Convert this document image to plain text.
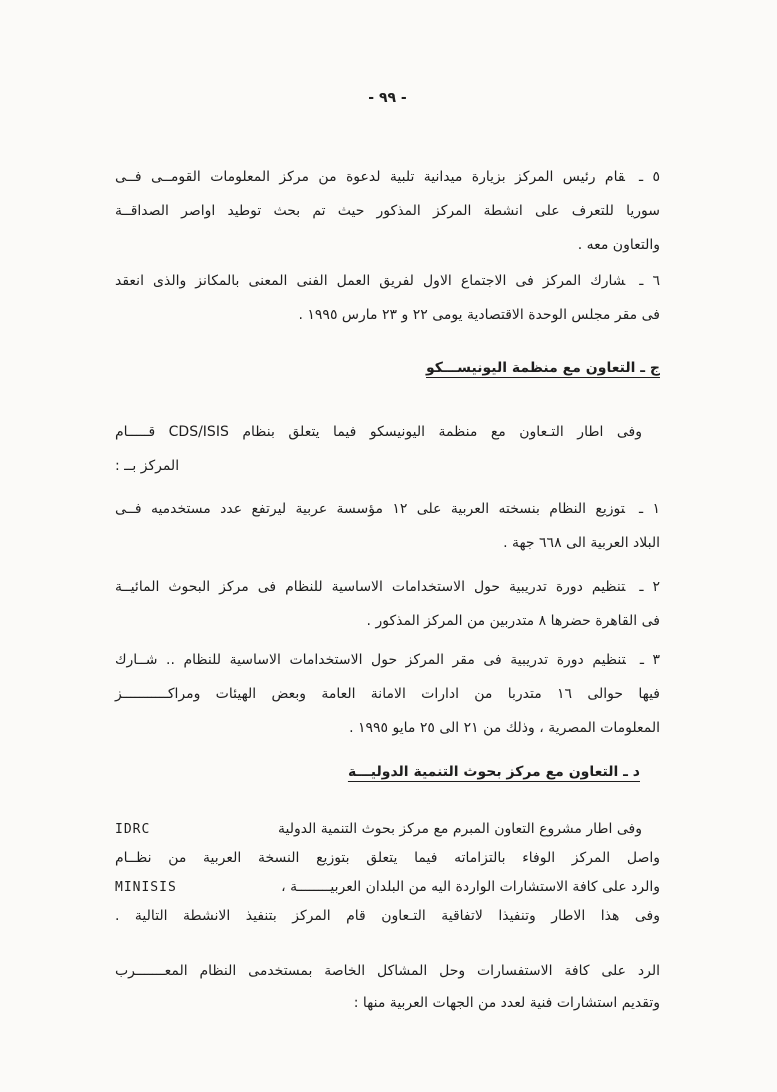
- ٩٩ -
٥ ـقام رئيس المركز بزيارة ميدانية تلبية لدعوة من مركز المعلومات القومــى فــى
سوريا للتعرف على انشطة المركز المذكور حيث تم بحث توطيد اواصر الصداقــة
والتعاون معه .
٦ ـشارك المركز فى الاجتماع الاول لفريق العمل الفنى المعنى بالمكانز والذى انعقد
فى مقر مجلس الوحدة الاقتصادية يومى ٢٢ و ٢٣ مارس ١٩٩٥ .
ج ـ التعاون مع منظمة اليونيســـكو
وفى اطار التـعاون مع منظمة اليونيسكو فيما يتعلق بنظام CDS/ISIS قـــــام
المركز بــ :
١ ـتوزيع النظام بنسخته العربية على ١٢ مؤسسة عربية ليرتفع عدد مستخدميه فــى
البلاد العربية الى ٦٦٨ جهة .
٢ ـتنظيم دورة تدريبية حول الاستخدامات الاساسية للنظام فى مركز البحوث المائيــة
فى القاهرة حضرها ٨ متدربين من المركز المذكور .
٣ ـتنظيم دورة تدريبية فى مقر المركز حول الاستخدامات الاساسية للنظام .. شــارك
فيها حوالى ١٦ متدربا من ادارات الامانة العامة وبعض الهيئات ومراكـــــــــــز
المعلومات المصرية ، وذلك من ٢١ الى ٢٥ مايو ١٩٩٥ .
د ـ التعاون مع مركز بحوث التنمية الدوليـــة
وفى اطار مشروع التعاون المبرم مع مركز بحوث التنمية الدولية
IDRC
واصل المركز الوفاء بالتزاماته فيما يتعلق بتوزيع النسخة العربية من نظــام
والرد على كافة الاستشارات الواردة اليه من البلدان العربيــــــــة ،
MINISIS
وفى هذا الاطار وتنفيذا لاتفاقية التـعاون قام المركز بتنفيذ الانشطة التالية .
الرد على كافة الاستفسارات وحل المشاكل الخاصة بمستخدمى النظام المعـــــــرب
وتقديم استشارات فنية لعدد من الجهات العربية منها :
